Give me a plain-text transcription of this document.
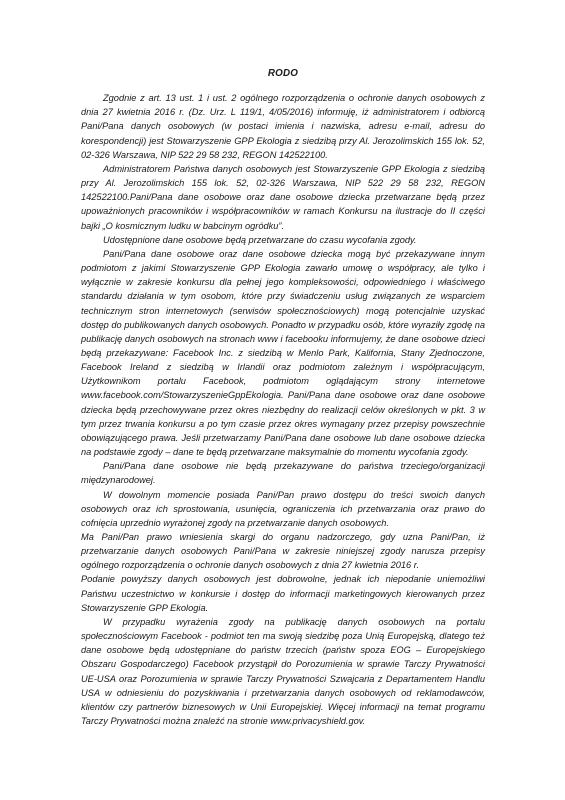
RODO

Zgodnie z art. 13 ust. 1 i ust. 2 ogólnego rozporządzenia o ochronie danych osobowych z dnia 27 kwietnia 2016 r. (Dz. Urz. L 119/1, 4/05/2016) informuję, iż administratorem i odbiorcą Pani/Pana danych osobowych (w postaci imienia i nazwiska, adresu e-mail, adresu do korespondencji) jest Stowarzyszenie GPP Ekologia z siedzibą przy Al. Jerozolimskich 155 lok. 52, 02-326 Warszawa, NIP 522 29 58 232, REGON 142522100.

Administratorem Państwa danych osobowych jest Stowarzyszenie GPP Ekologia z siedzibą przy Al. Jerozolimskich 155 lok. 52, 02-326 Warszawa, NIP 522 29 58 232, REGON 142522100.Pani/Pana dane osobowe oraz dane osobowe dziecka przetwarzane będą przez upoważnionych pracowników i współpracowników w ramach Konkursu na ilustracje do II części bajki „O kosmicznym ludku w babcinym ogródku”.

Udostępnione dane osobowe będą przetwarzane do czasu wycofania zgody.

Pani/Pana dane osobowe oraz dane osobowe dziecka mogą być przekazywane innym podmiotom z jakimi Stowarzyszenie GPP Ekologia zawarło umowę o współpracy, ale tylko i wyłącznie w zakresie konkursu dla pełnej jego kompleksowości, odpowiedniego i właściwego standardu działania w tym osobom, które przy świadczeniu usług związanych ze wsparciem technicznym stron internetowych (serwisów społecznościowych) mogą potencjalnie uzyskać dostęp do publikowanych danych osobowych. Ponadto w przypadku osób, które wyraziły zgodę na publikację danych osobowych na stronach www i facebooku informujemy, że dane osobowe dzieci będą przekazywane: Facebook Inc. z siedzibą w Menlo Park, Kalifornia, Stany Zjednoczone, Facebook Ireland z siedzibą w Irlandii oraz podmiotom zależnym i współpracującym, Użytkownikom portalu Facebook, podmiotom oglądającym strony internetowe www.facebook.com/StowarzyszenieGppEkologia. Pani/Pana dane osobowe oraz dane osobowe dziecka będą przechowywane przez okres niezbędny do realizacji celów określonych w pkt. 3 w tym przez trwania konkursu a po tym czasie przez okres wymagany przez przepisy powszechnie obowiązującego prawa. Jeśli przetwarzamy Pani/Pana dane osobowe lub dane osobowe dziecka na podstawie zgody – dane te będą przetwarzane maksymalnie do momentu wycofania zgody.

Pani/Pana dane osobowe nie będą przekazywane do państwa trzeciego/organizacji międzynarodowej.

W dowolnym momencie posiada Pani/Pan prawo dostępu do treści swoich danych osobowych oraz ich sprostowania, usunięcia, ograniczenia ich przetwarzania oraz prawo do cofnięcia uprzednio wyrażonej zgody na przetwarzanie danych osobowych.

Ma Pani/Pan prawo wniesienia skargi do organu nadzorczego, gdy uzna Pani/Pan, iż przetwarzanie danych osobowych Pani/Pana w zakresie niniejszej zgody narusza przepisy ogólnego rozporządzenia o ochronie danych osobowych z dnia 27 kwietnia 2016 r.

Podanie powyższy danych osobowych jest dobrowolne, jednak ich niepodanie uniemożliwi Państwu uczestnictwo w konkursie i dostęp do informacji marketingowych kierowanych przez Stowarzyszenie GPP Ekologia.

W przypadku wyrażenia zgody na publikację danych osobowych na portalu społecznościowym Facebook - podmiot ten ma swoją siedzibę poza Unią Europejską, dlatego też dane osobowe będą udostępniane do państw trzecich (państw spoza EOG – Europejskiego Obszaru Gospodarczego) Facebook przystąpił do Porozumienia w sprawie Tarczy Prywatności UE-USA oraz Porozumienia w sprawie Tarczy Prywatności Szwajcaria z Departamentem Handlu USA w odniesieniu do pozyskiwania i przetwarzania danych osobowych od reklamodawców, klientów czy partnerów biznesowych w Unii Europejskiej. Więcej informacji na temat programu Tarczy Prywatności można znaleźć na stronie www.privacyshield.gov.
